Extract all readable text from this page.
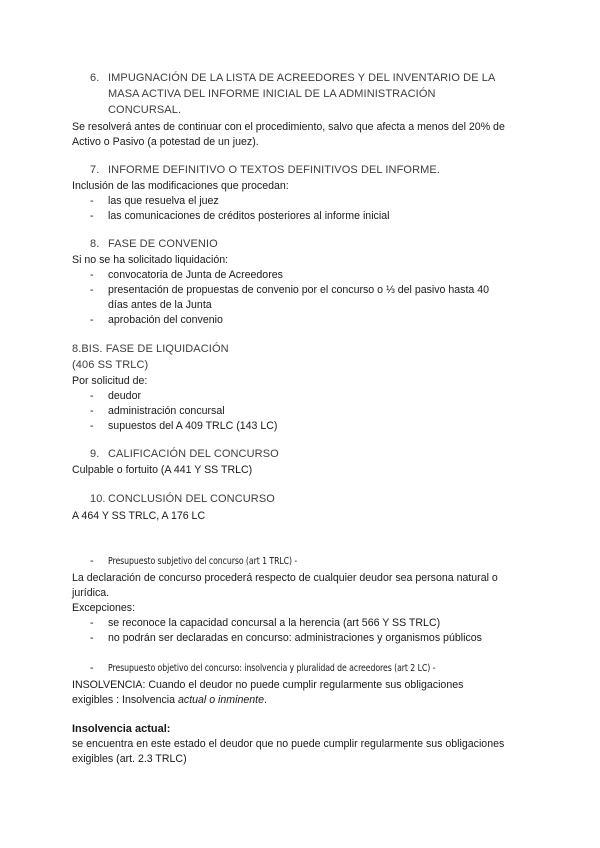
6. IMPUGNACIÓN DE LA LISTA DE ACREEDORES Y DEL INVENTARIO DE LA
MASA ACTIVA DEL INFORME INICIAL DE LA ADMINISTRACIÓN
CONCURSAL.
Se resolverá antes de continuar con el procedimiento, salvo que afecta a menos del 20% de
Activo o Pasivo (a potestad de un juez).
7. INFORME DEFINITIVO O TEXTOS DEFINITIVOS DEL INFORME.
Inclusión de las modificaciones que procedan:
- las que resuelva el juez
- las comunicaciones de créditos posteriores al informe inicial
8. FASE DE CONVENIO
Si no se ha solicitado liquidación:
- convocatoria de Junta de Acreedores
- presentación de propuestas de convenio por el concurso o ⅓ del pasivo hasta 40
días antes de la Junta
- aprobación del convenio
8.BIS. FASE DE LIQUIDACIÓN
(406 SS TRLC)
Por solicitud de:
- deudor
- administración concursal
- supuestos del A 409 TRLC (143 LC)
9. CALIFICACIÓN DEL CONCURSO
Culpable o fortuito (A 441 Y SS TRLC)
10. CONCLUSIÓN DEL CONCURSO
A 464 Y SS TRLC, A 176 LC
- Presupuesto subjetivo del concurso (art 1 TRLC) -
La declaración de concurso procederá respecto de cualquier deudor sea persona natural o
jurídica.
Excepciones:
- se reconoce la capacidad concursal a la herencia (art 566 Y SS TRLC)
- no podrán ser declaradas en concurso: administraciones y organismos públicos
- Presupuesto objetivo del concurso: insolvencia y pluralidad de acreedores (art 2 LC) -
INSOLVENCIA: Cuando el deudor no puede cumplir regularmente sus obligaciones
exigibles : Insolvencia actual o inminente.
Insolvencia actual:
se encuentra en este estado el deudor que no puede cumplir regularmente sus obligaciones
exigibles (art. 2.3 TRLC)
